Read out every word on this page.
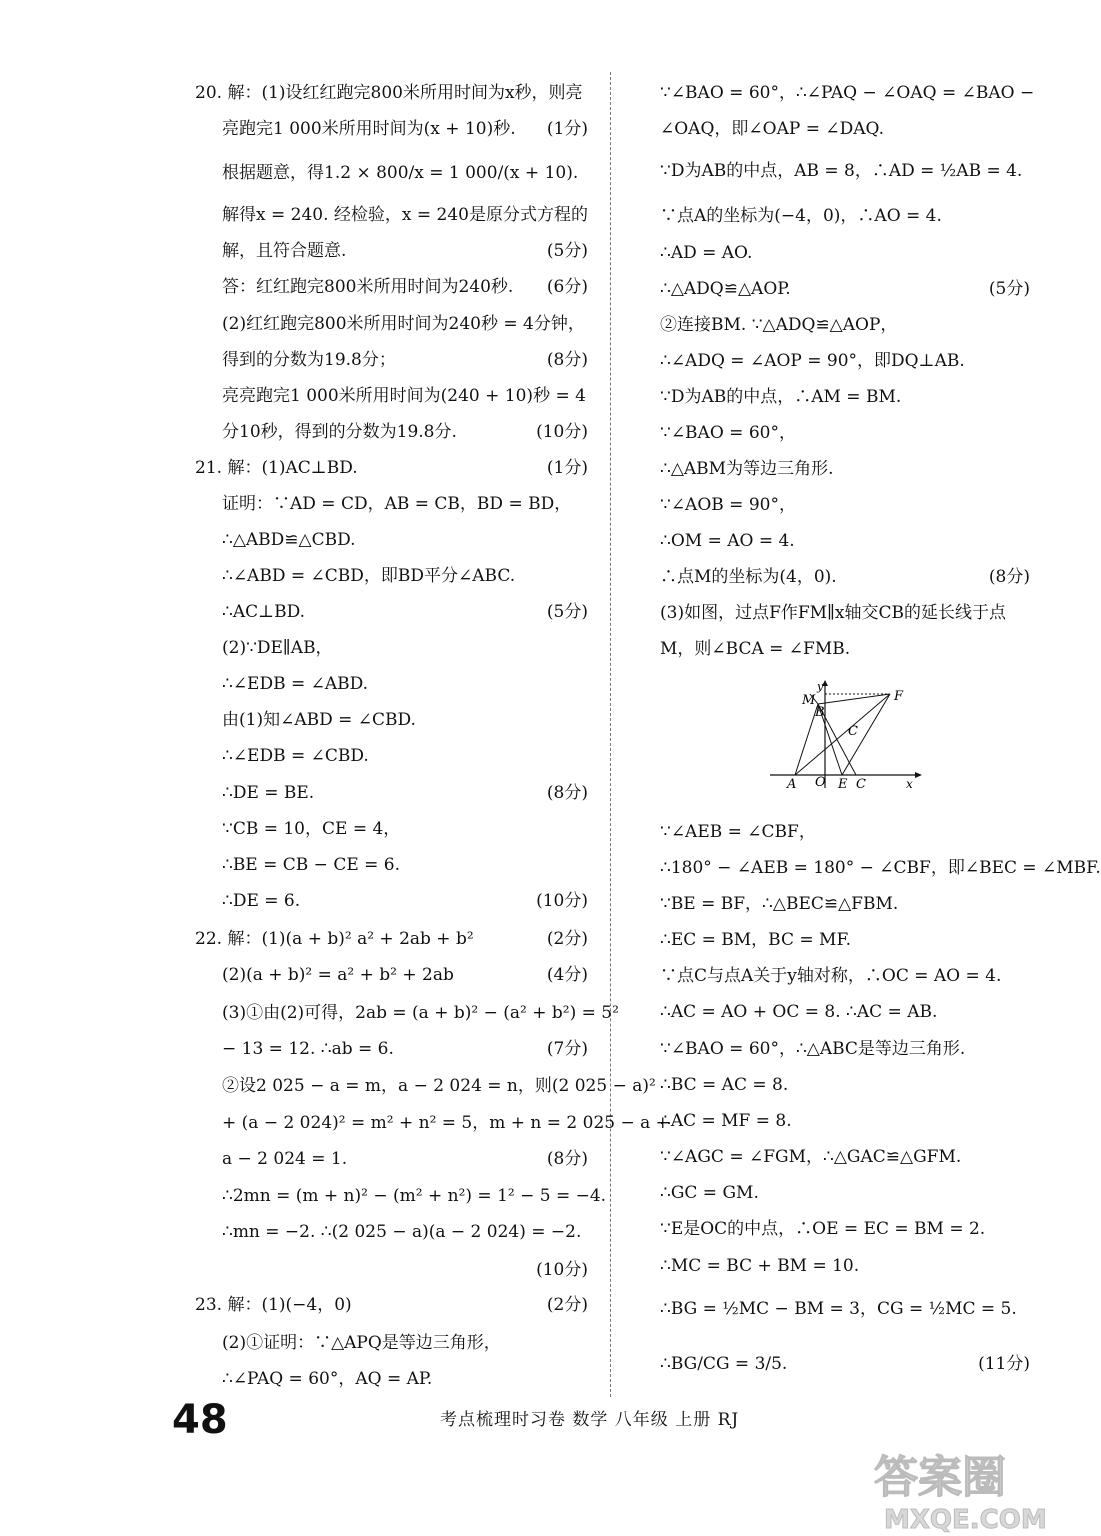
20. 解：(1)设红红跑完800米所用时间为x秒，则亮
亮跑完1 000米所用时间为(x + 10)秒. (1分)
根据题意，得1.2 × 800/x = 1 000/(x + 10).
解得x = 240. 经检验，x = 240是原分式方程的
解，且符合题意.	(5分)
答：红红跑完800米所用时间为240秒. (6分)
(2)红红跑完800米所用时间为240秒 = 4分钟，
得到的分数为19.8分；	(8分)
亮亮跑完1 000米所用时间为(240 + 10)秒 = 4
分10秒，得到的分数为19.8分.	(10分)
21. 解：(1)AC⊥BD.	(1分)
证明：∵AD = CD，AB = CB，BD = BD，
∴△ABD≌△CBD.
∴∠ABD = ∠CBD，即BD平分∠ABC.
∴AC⊥BD.	(5分)
(2)∵DE∥AB，
∴∠EDB = ∠ABD.
由(1)知∠ABD = ∠CBD.
∴∠EDB = ∠CBD.
∴DE = BE.	(8分)
∵CB = 10，CE = 4，
∴BE = CB − CE = 6.
∴DE = 6.	(10分)
22. 解：(1)(a + b)² a² + 2ab + b²	(2分)
(2)(a + b)² = a² + b² + 2ab	(4分)
(3)①由(2)可得，2ab = (a + b)² − (a² + b²) = 5²
− 13 = 12. ∴ab = 6.	(7分)
②设2 025 − a = m，a − 2 024 = n，则(2 025 − a)²
+ (a − 2 024)² = m² + n² = 5，m + n = 2 025 − a +
a − 2 024 = 1.	(8分)
∴2mn = (m + n)² − (m² + n²) = 1² − 5 = −4.
∴mn = −2. ∴(2 025 − a)(a − 2 024) = −2.
(10分)
23. 解：(1)(−4，0)	(2分)
(2)①证明：∵△APQ是等边三角形，
∴∠PAQ = 60°，AQ = AP.
∵∠BAO = 60°，∴∠PAQ − ∠OAQ = ∠BAO −
∠OAQ，即∠OAP = ∠DAQ.
∵D为AB的中点，AB = 8，∴AD = ½AB = 4.
∵点A的坐标为(−4，0)，∴AO = 4.
∴AD = AO.
∴△ADQ≌△AOP.	(5分)
②连接BM. ∵△ADQ≌△AOP，
∴∠ADQ = ∠AOP = 90°，即DQ⊥AB.
∵D为AB的中点，∴AM = BM.
∵∠BAO = 60°，
∴△ABM为等边三角形.
∵∠AOB = 90°，
∴OM = AO = 4.
∴点M的坐标为(4，0).	(8分)
(3)如图，过点F作FM∥x轴交CB的延长线于点
M，则∠BCA = ∠FMB.
∵∠AEB = ∠CBF，
∴180° − ∠AEB = 180° − ∠CBF，即∠BEC = ∠MBF.
∵BE = BF，∴△BEC≌△FBM.
∴EC = BM，BC = MF.
∵点C与点A关于y轴对称，∴OC = AO = 4.
∴AC = AO + OC = 8. ∴AC = AB.
∵∠BAO = 60°，∴△ABC是等边三角形.
∴BC = AC = 8.
∴AC = MF = 8.
∵∠AGC = ∠FGM，∴△GAC≌△GFM.
∴GC = GM.
∵E是OC的中点，∴OE = EC = BM = 2.
∴MC = BC + BM = 10.
∴BG = ½MC − BM = 3，CG = ½MC = 5.
∴BG/CG = 3/5.	(11分)
M
y
B
F
C
A O E C	x
48	考点梳理时习卷 数学 八年级 上册 RJ
答案圈
MXQE.COM
